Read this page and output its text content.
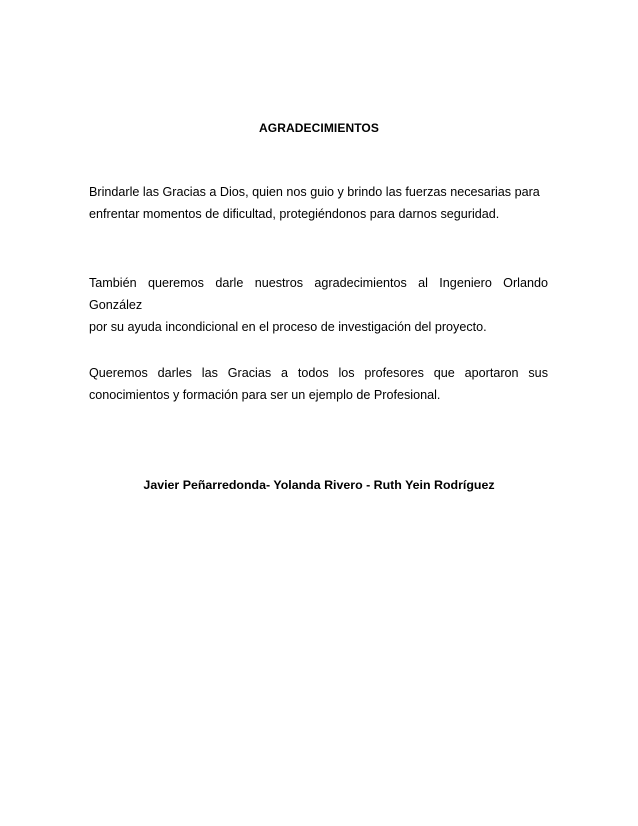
AGRADECIMIENTOS
Brindarle las Gracias a Dios, quien nos guio y brindo las fuerzas necesarias para
enfrentar momentos de dificultad, protegiéndonos para darnos seguridad.
También queremos darle nuestros agradecimientos al Ingeniero Orlando González
por su ayuda incondicional en el proceso de investigación del proyecto.
Queremos darles las Gracias a todos los profesores que aportaron sus
conocimientos y formación para ser un ejemplo de Profesional.
Javier Peñarredonda- Yolanda Rivero - Ruth Yein Rodríguez
